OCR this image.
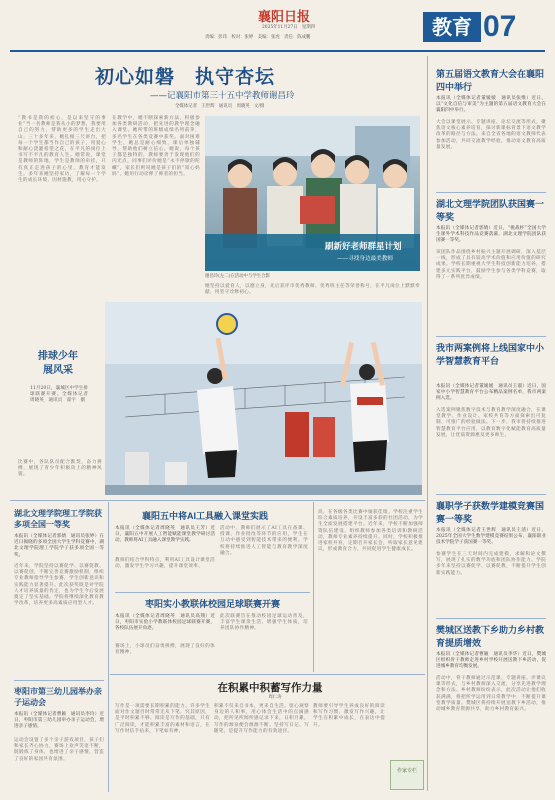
襄阳日报
2025年11月27日　星期四
责编：彭玮　校对：张婷　美编：张虎　责任：陈成鹏	教育 07
初心如磐　执守杏坛
——记襄阳市第三十五中学教师谢昌玲
全媒体记者　王世辉　通讯员　周晓英　文/摄
“教书是我的初心，是以来坚守的事业”当一名教师是我从小的梦想，我要用自己的努力，帮助更多的学生走出大山。三十多年来，她扎根三尺讲台，把每一个学生都当作自己的孩子，用爱心和耐心浇灌希望之花，在平凡的岗位上书写不平凡的教育人生。她常说，课堂是教师的阵地，学生是教师的牵挂，只有真正走进孩子的心里，教育才能发生。多年来她坚持家访，了解每一个学生的成长环境，因材施教，用心守护。
在教学中，她不断探索新方法，积极参加各类教研活动，把先进的教学理念融入课堂。她所带的班级成绩名列前茅，多名学生在各类竞赛中获奖。面对困难学生，她总是耐心细致，课后单独辅导，帮助他们树立信心。她说，每个孩子都是独特的，教师要善于发现他们的闪光点。同事们评价她是“永不停歇的陀螺”，家长们则说她是孩子们的“知心妈妈”，她用行动诠释了师者的担当。
刷新好老师群星计划
——寻找身边最美教师
谢昌玲(左二)在活动中与学生合影
她坚持以爱育人，以德立身，先后获评市优秀教师、优秀班主任等荣誉称号，在平凡岗位上默默奉献，用坚守诠释初心。
排球少年
展风采
11月20日，襄城区中学生排球联赛开赛。全媒体记者　周晓英　通讯员　翟宇　摄
比赛中，各队队员配合默契，奋力拼搏，展现了青少年积极向上的精神风貌。
第五届语文教育大会在襄阳四中举行
本报讯（全媒体记者董媛媛　通讯员张维）近日，以“文化自信与审美”为主题的第五届语文教育大会在襄阳四中举行。
大会以课堂展示、专题讲座、论坛交流等形式，聚焦语文核心素养培育，探讨新课标背景下语文教学改革的路径与方法。来自全省各地的语文教师代表参加活动，共同交流教学经验，推动语文教育高质量发展。
湖北文理学院团队获国赛一等奖
本报讯（全媒体记者郭婧）近日，“挑战杯”全国大学生课外学术科技作品竞赛落幕，湖北文理学院团队获国赛一等奖。
该团队作品围绕乡村振兴主题开展调研，深入基层一线，形成了具有较高学术价值和应用价值的研究成果。学校长期重视大学生科技创新能力培养，搭建多元实践平台，鼓励学生参与各类学科竞赛，取得了一系列优异成绩。
我市两案例将上线国家中小学智慧教育平台
本报讯（全媒体记者董媛媛　通讯员王淑）近日，国家中小学智慧教育平台公布精品案例名单，我市两案例入选。
入选案例聚焦数字技术与教育教学深度融合，在课堂教学、作业设计、家校共育等方面探索出可复制、可推广的经验做法。下一步，我市将持续推进智慧教育平台应用，以教育数字化赋能教育高质量发展，让优质资源惠及更多师生。
襄职学子获数学建模竞赛国赛一等奖
本报讯（全媒体记者王世辉　通讯员王清）近日，2025年全国大学生数学建模竞赛结果公布，襄阳职业技术学院学子获国赛一等奖。
参赛学生在三天时间内完成建模、求解和论文撰写，展现了扎实的数学功底和团队协作能力。学院多年来坚持以赛促学、以赛促教，不断提升学生创新实践能力。
樊城区送教下乡助力乡村教育提质增效
本报讯（全媒体记者曹颖　通讯员李华）近日，樊城区组织骨干教师走进乡村学校开展送教下乡活动，促进城乡教育均衡发展。
活动中，骨干教师通过示范课、专题讲座、评课议课等形式，与乡村教师深入交流，分享先进教学理念和方法。乡村教师纷纷表示，此次活动让他们收获满满，将把所学运用到日常教学中，不断提升课堂教学质量。樊城区将持续开展送教下乡活动，推动城乡教育资源共享，助力乡村教育振兴。
湖北文理学院理工学院获多项全国一等奖
本报讯（全媒体记者郭婧　通讯员张婷）在近日揭晓的多项全国大学生学科竞赛中，湖北文理学院理工学院学子获多项全国一等奖。
近年来，学院坚持以赛促学、以赛促教、以赛促创，不断完善竞赛激励机制，组织专业教师指导学生参赛，学生创新意识和实践能力显著提升。此次获奖既是对学院人才培养质量的肯定，也为学生今后发展奠定了坚实基础。学院将继续深化教育教学改革，培养更多高素质应用型人才。
枣阳市第三幼儿园举办亲子运动会
本报讯（全媒体记者曹颖　通讯员李玲）近日，枣阳市第三幼儿园举办亲子运动会，增进亲子感情。
运动会设置了多个亲子游戏项目，孩子们和家长齐心协力，赛场上欢声笑语不断，既锻炼了身体，也增进了亲子感情，营造了良好的家园共育氛围。
襄阳五中将AI工具融入课堂实践
本报讯（全媒体记者周晓英　通讯员王芳）近日，襄阳五中开展人工智能赋能课堂教学研讨活动，教师将AI工具融入课堂教学实践。
教师们结合学科特点，利用AI工具设计课堂活动，激发学生学习兴趣，提升课堂效率。
活动中，教师们展示了AI工具在备课、授课、作业批改等环节的应用，学生在互动中感受到智能技术带来的便利。学校将持续推进人工智能与教育教学深度融合。
枣阳实小教联体校园足球联赛开赛
本报讯（全媒体记者周晓英　通讯员高翔）近日，枣阳市实验小学教联体校园足球联赛开赛，各校队伍展开角逐。
赛场上，小球员们奋勇拼搏，展现了良好的体育精神。
此次联赛旨在推动校园足球运动普及，丰富学生课余生活，增强学生体质，培养团队协作精神。
高，在各级各类比赛中屡获佳绩。学校注重学生综合素质培养，开设丰富多彩的社团活动，为学生全面发展搭建平台。近年来，学校不断加强师资队伍建设，组织教师参加各类培训和教研活动，教师专业素养持续提升。同时，学校积极推进家校共育，定期召开家长会，听取家长意见建议，形成教育合力，共同促进学生健康成长。
在积累中积蓄写作力量
周仁涛
写作是一项需要长期积累的能力。许多学生面对作文题目时常常无从下笔，究其原因，是平时积累不够。阅读是写作的基础，只有广泛阅读，才能积累丰富的素材和语言，在写作时信手拈来，下笔如有神。
积累不仅来自书本，更来自生活。留心观察身边的人和事，用心体会生活中的点滴感动，把所见所闻所感记录下来，日积月累，写作的源泉便会源源不断。坚持写日记、写随笔，是提升写作能力的有效途径。
教师要引导学生养成良好的阅读和写作习惯，激发写作兴趣，让学生在积累中成长，在表达中提升。
作家专栏
